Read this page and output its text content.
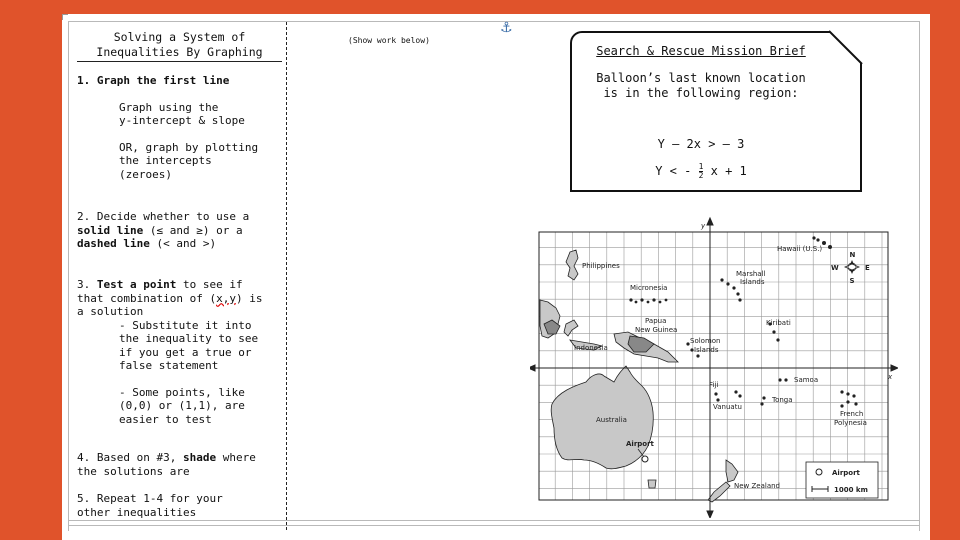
Solving a System of
Inequalities By Graphing
1. Graph the first line
Graph using the
y-intercept & slope
OR, graph by plotting
the intercepts
(zeroes)
2. Decide whether to use a
solid line (≤ and ≥) or a
dashed line (< and >)
3. Test a point to see if
that combination of (x,y) is
a solution
- Substitute it into
the inequality to see
if you get a true or
false statement
- Some points, like
(0,0) or (1,1), are
easier to test
4. Based on #3, shade where
the solutions are
5. Repeat 1-4 for your
other inequalities
(Show work below)
⚓
Search & Rescue Mission Brief
Balloon’s last known location
is in the following region:
Y – 2x > – 3
Y < - $\frac{1}{2}$ x + 1
y
x
N
S
E
W
Hawaii (U.S.)
Philippines
Micronesia
Marshall
Islands
Papua
New Guinea
Kiribati
Solomon
Islands
Indonesia
Samoa
Fiji
Vanuatu
Tonga
French
Polynesia
Australia
Airport
New Zealand
Airport
1000 km
